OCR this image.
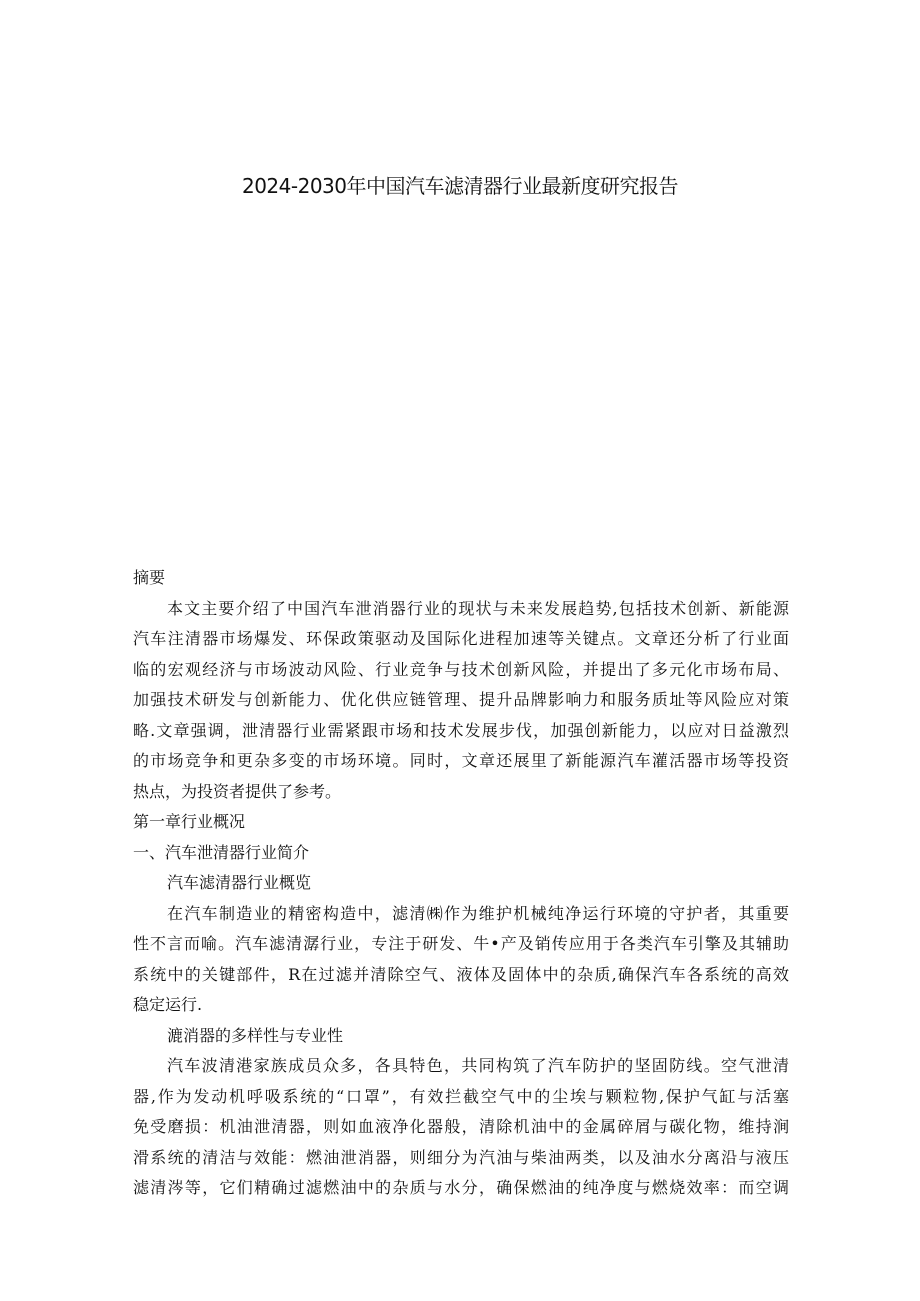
2024-2030年中国汽车滤清器行业最新度研究报告
摘要
本文主要介绍了中国汽车泄消器行业的现状与未来发展趋势,包括技术创新、新能源
汽车注清器市场爆发、环保政策驱动及国际化进程加速等关键点。文章还分析了行业面
临的宏观经济与市场波动风险、行业竞争与技术创新风险，并提出了多元化市场布局、
加强技术研发与创新能力、优化供应链管理、提升品牌影响力和服务质址等风险应对策
略.文章强调，泄清器行业需紧跟市场和技术发展步伐，加强创新能力，以应对日益激烈
的市场竞争和更杂多变的市场环境。同时，文章还展里了新能源汽车灌活器市场等投资
热点，为投资者提供了参考。
第一章行业概况
一、汽车泄清器行业简介
汽车滤清器行业概览
在汽车制造业的精密构造中，滤清㈱作为维护机械纯净运行环境的守护者，其重要
性不言而喻。汽车滤清潺行业，专注于研发、牛•产及销传应用于各类汽车引擎及其辅助
系统中的关键部件，R在过滤并清除空气、液体及固体中的杂质,确保汽车各系统的高效
稳定运行.
漉消器的多样性与专业性
汽车波清港家族成员众多，各具特色，共同构筑了汽车防护的坚固防线。空气泄清
器,作为发动机呼吸系统的“口罩”，有效拦截空气中的尘埃与颗粒物,保护气缸与活塞
免受磨损：机油泄清器，则如血液净化器般，清除机油中的金属碎屑与碳化物，维持涧
滑系统的清洁与效能：燃油泄消器，则细分为汽油与柴油两类，以及油水分离沿与液压
滤清涔等，它们精确过滤燃油中的杂质与水分，确保燃油的纯净度与燃烧效率：而空调
